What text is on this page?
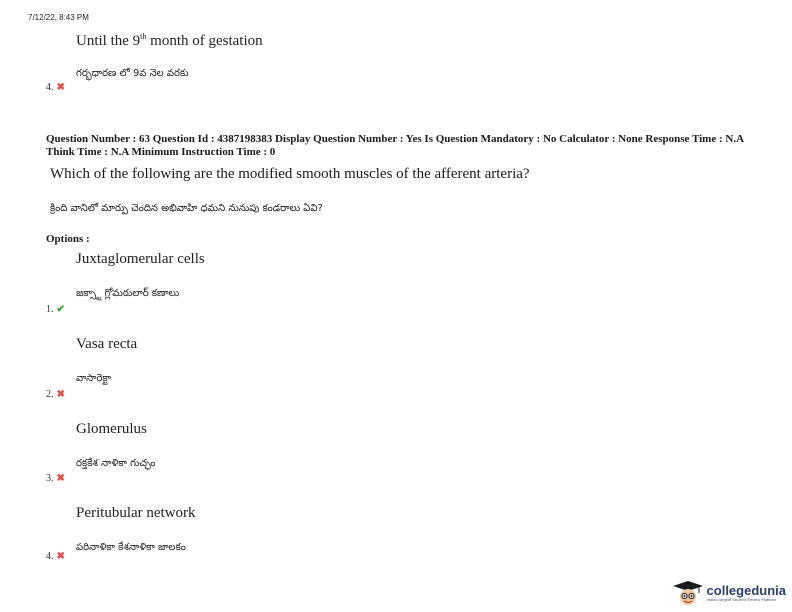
7/12/22, 8:43 PM
Until the 9th month of gestation
గర్భధారణ లో 9వ నెల వరకు
4. ✖
Question Number : 63 Question Id : 4387198383 Display Question Number : Yes Is Question Mandatory : No Calculator : None Response Time : N.A Think Time : N.A Minimum Instruction Time : 0
Which of the following are the modified smooth muscles of the afferent arteria?
క్రింది వానిలో మార్పు చెందిన అభివాహి ధమని నునుపు కండరాలు ఏవి?
Options :
Juxtaglomerular cells
జక్స్టా గ్లోమరులార్ కణాలు
1. ✔
Vasa recta
వాసారెక్టా
2. ✖
Glomerulus
రక్తకేశ నాళికా గుచ్ఛం
3. ✖
Peritubular network
పరినాళికా కేశనాళికా జాలకం
4. ✖
collegedunia
India's largest Student Review Platform
